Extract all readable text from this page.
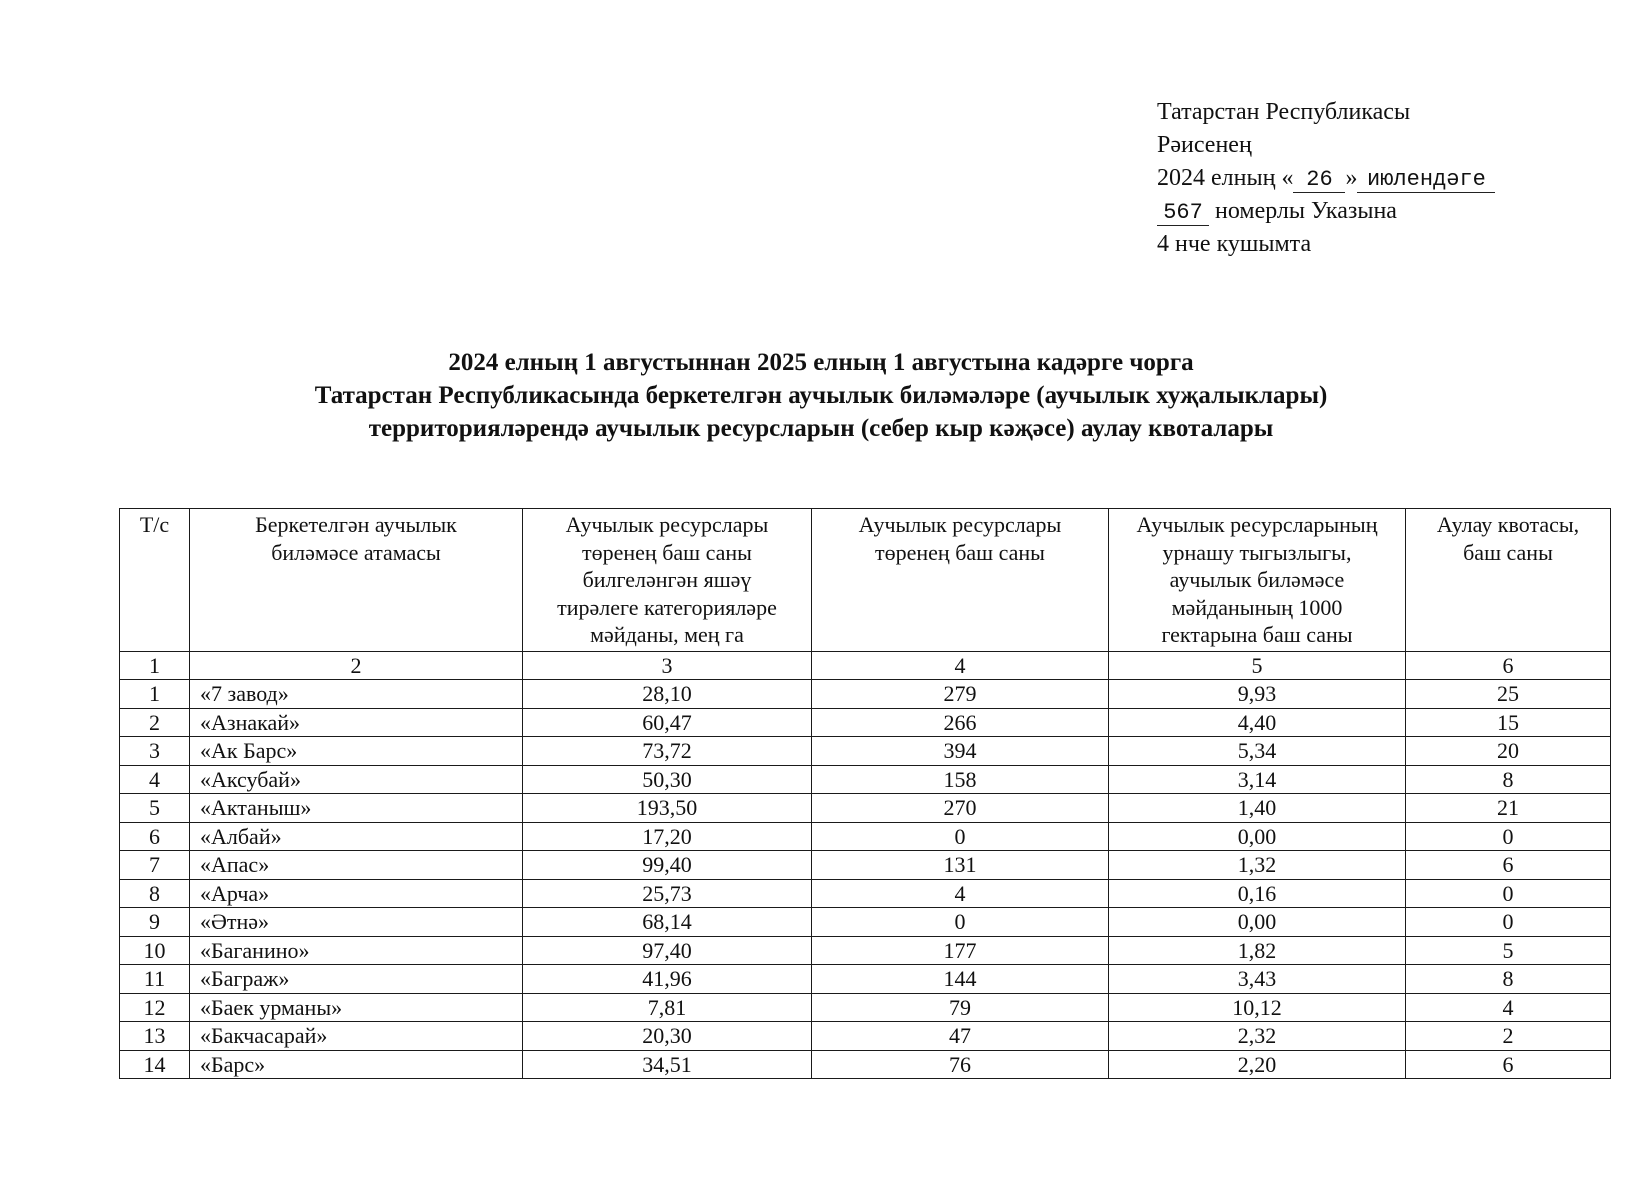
Татарстан Республикасы
Рәисенең
2024 елның « 26 » июлендәге
567 номерлы Указына
4 нче кушымта
2024 елның 1 августыннан 2025 елның 1 августына кадәрге чорга
Татарстан Республикасында беркетелгән аучылык биләмәләре (аучылык хуҗалыклары)
территорияләрендә аучылык ресурсларын (себер кыр кәҗәсе) аулау квоталары
Т/с	Беркетелгән аучылык биләмәсе атамасы	Аучылык ресурслары төренең баш саны билгеләнгән яшәү тирәлеге категорияләре мәйданы, мең га	Аучылык ресурслары төренең баш саны	Аучылык ресурсларының урнашу тыгызлыгы, аучылык биләмәсе мәйданының 1000 гектарына баш саны	Аулау квотасы, баш саны

1	2	3	4	5	6
1	«7 завод»	28,10	279	9,93	25
2	«Азнакай»	60,47	266	4,40	15
3	«Ак Барс»	73,72	394	5,34	20
4	«Аксубай»	50,30	158	3,14	8
5	«Актаныш»	193,50	270	1,40	21
6	«Албай»	17,20	0	0,00	0
7	«Апас»	99,40	131	1,32	6
8	«Арча»	25,73	4	0,16	0
9	«Әтнә»	68,14	0	0,00	0
10	«Баганино»	97,40	177	1,82	5
11	«Баграж»	41,96	144	3,43	8
12	«Баек урманы»	7,81	79	10,12	4
13	«Бакчасарай»	20,30	47	2,32	2
14	«Барс»	34,51	76	2,20	6
